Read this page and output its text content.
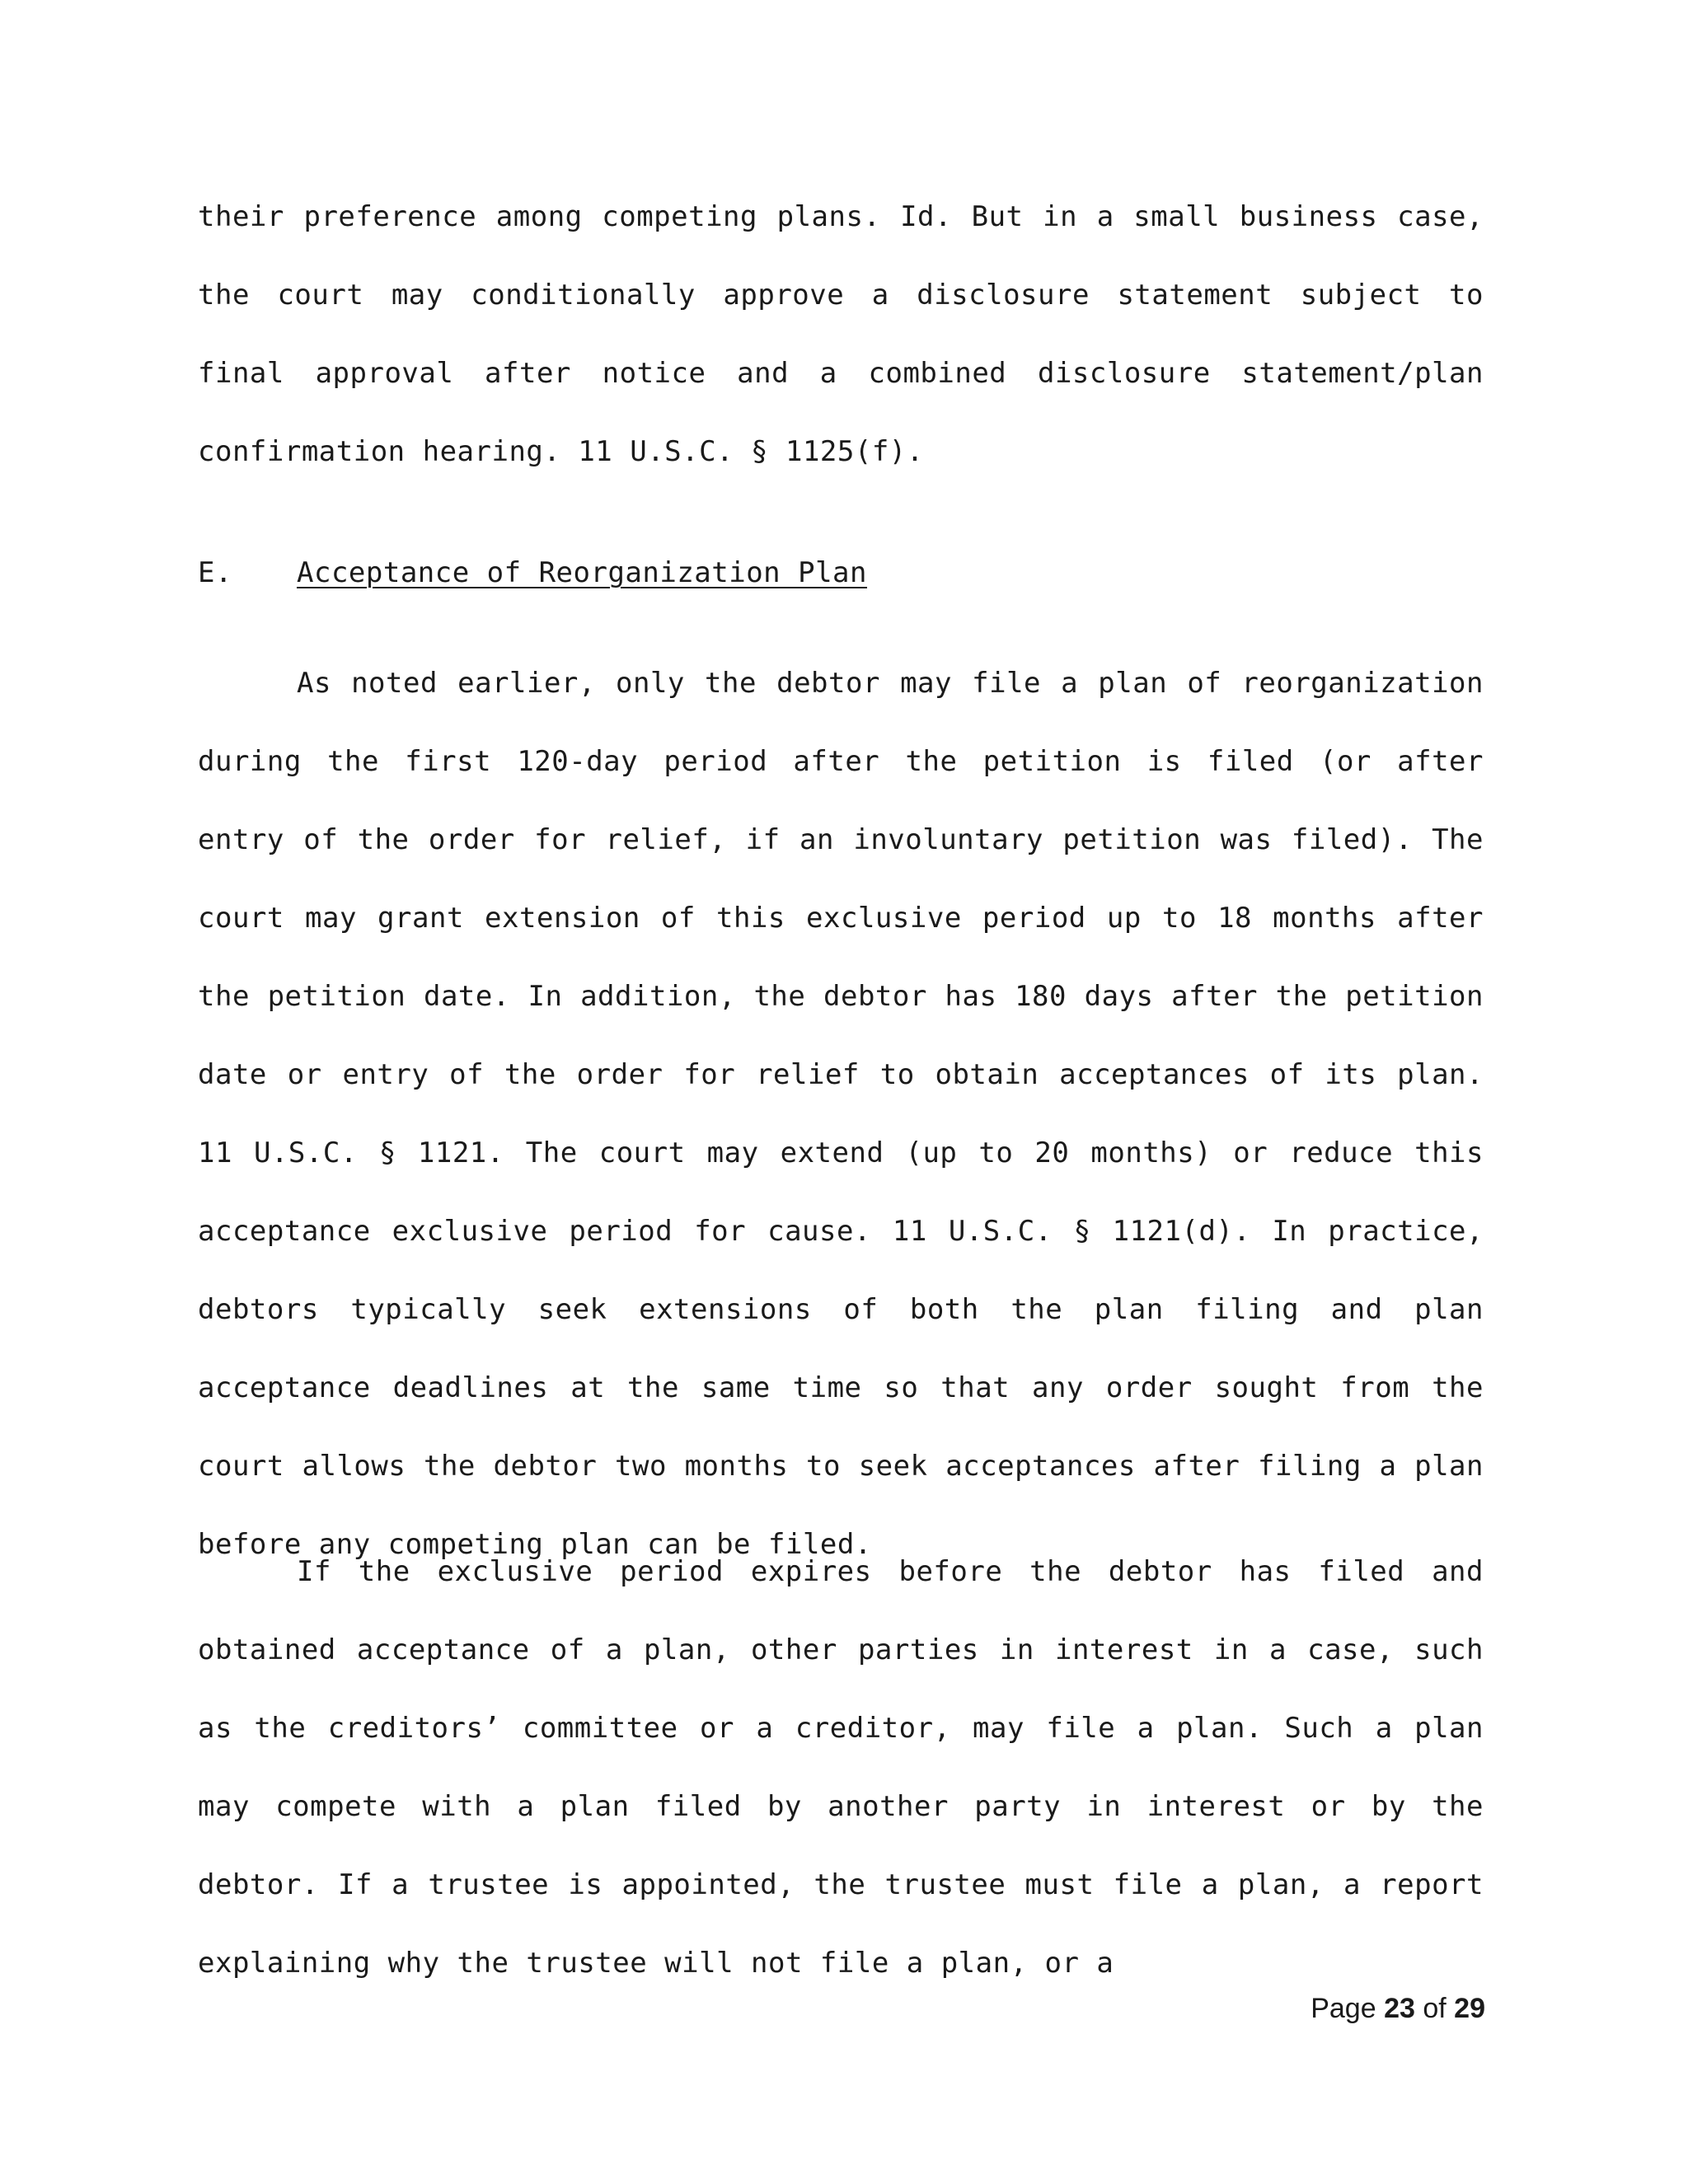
their preference among competing plans. Id. But in a small business case, the court may conditionally approve a disclosure statement subject to final approval after notice and a combined disclosure statement/plan confirmation hearing. 11 U.S.C. § 1125(f).
E. Acceptance of Reorganization Plan
As noted earlier, only the debtor may file a plan of reorganization during the first 120-day period after the petition is filed (or after entry of the order for relief, if an involuntary petition was filed). The court may grant extension of this exclusive period up to 18 months after the petition date. In addition, the debtor has 180 days after the petition date or entry of the order for relief to obtain acceptances of its plan. 11 U.S.C. § 1121. The court may extend (up to 20 months) or reduce this acceptance exclusive period for cause. 11 U.S.C. § 1121(d). In practice, debtors typically seek extensions of both the plan filing and plan acceptance deadlines at the same time so that any order sought from the court allows the debtor two months to seek acceptances after filing a plan before any competing plan can be filed.
If the exclusive period expires before the debtor has filed and obtained acceptance of a plan, other parties in interest in a case, such as the creditors’ committee or a creditor, may file a plan. Such a plan may compete with a plan filed by another party in interest or by the debtor. If a trustee is appointed, the trustee must file a plan, a report explaining why the trustee will not file a plan, or a
Page 23 of 29
